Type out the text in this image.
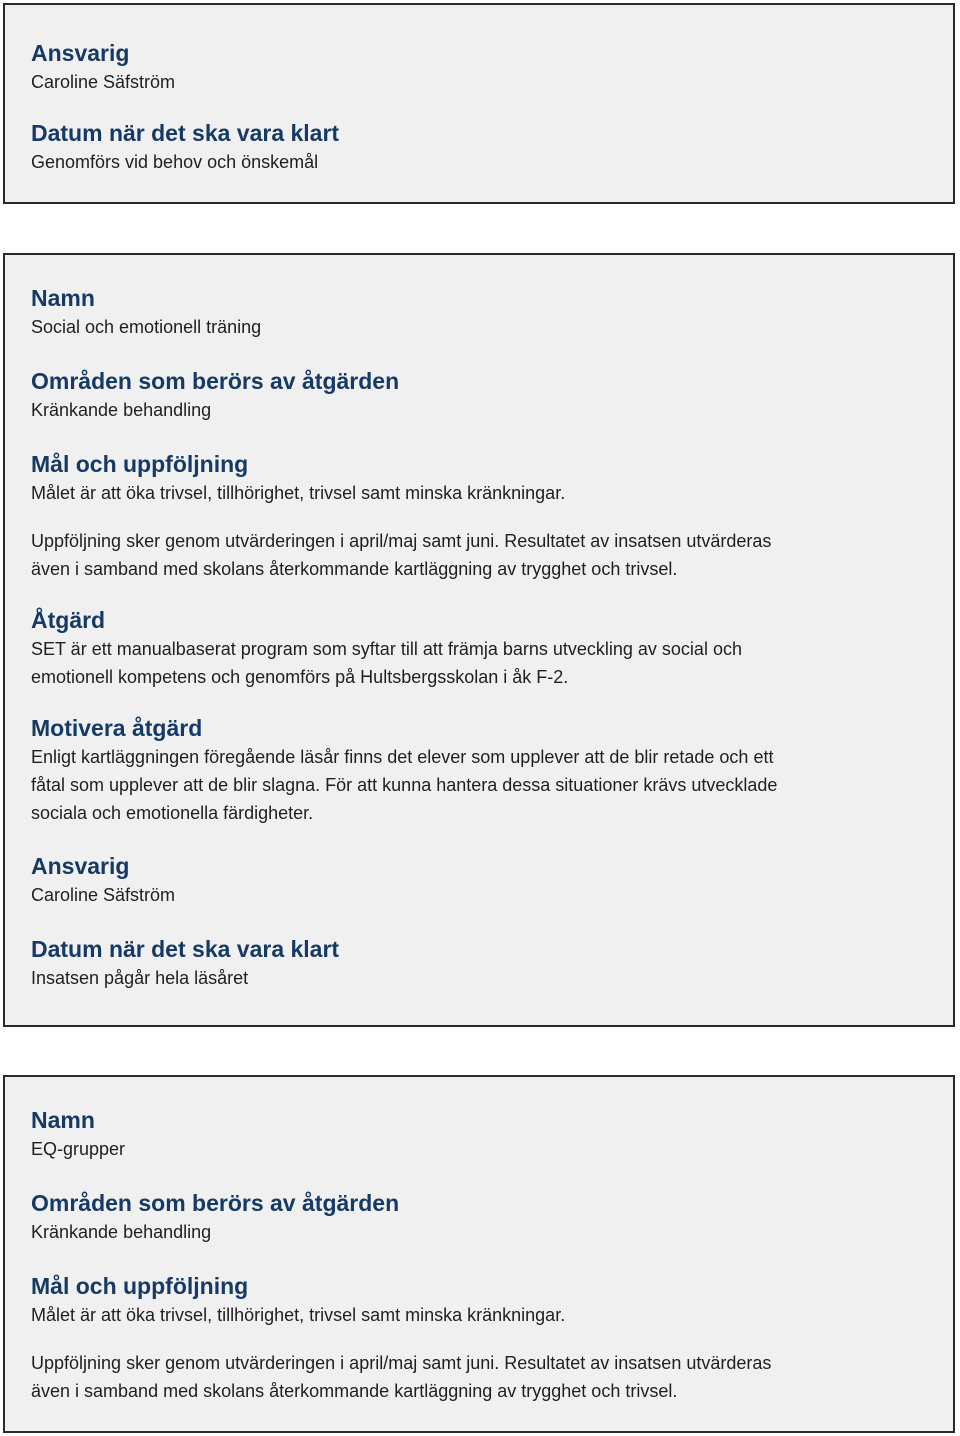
Ansvarig

Caroline Säfström

Datum när det ska vara klart

Genomförs vid behov och önskemål

Namn

Social och emotionell träning

Områden som berörs av åtgärden

Kränkande behandling

Mål och uppföljning

Målet är att öka trivsel, tillhörighet, trivsel samt minska kränkningar.

Uppföljning sker genom utvärderingen i april/maj samt juni. Resultatet av insatsen utvärderas

även i samband med skolans återkommande kartläggning av trygghet och trivsel.

Åtgärd

SET är ett manualbaserat program som syftar till att främja barns utveckling av social och

emotionell kompetens och genomförs på Hultsbergsskolan i åk F-2.

Motivera åtgärd

Enligt kartläggningen föregående läsår finns det elever som upplever att de blir retade och ett

fåtal som upplever att de blir slagna. För att kunna hantera dessa situationer krävs utvecklade

sociala och emotionella färdigheter.

Ansvarig

Caroline Säfström

Datum när det ska vara klart

Insatsen pågår hela läsåret

Namn

EQ-grupper

Områden som berörs av åtgärden

Kränkande behandling

Mål och uppföljning

Målet är att öka trivsel, tillhörighet, trivsel samt minska kränkningar.

Uppföljning sker genom utvärderingen i april/maj samt juni. Resultatet av insatsen utvärderas

även i samband med skolans återkommande kartläggning av trygghet och trivsel.
